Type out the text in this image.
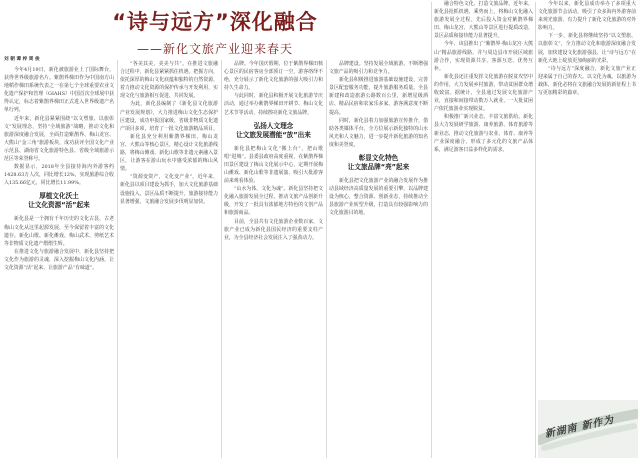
“诗与远方”深化融合
——新化文旅产业迎来春天
刘 朝 谭 梓 周 俊

今年4月19日，新化被旅游业上了国际舞台，获得世界级旅游名片。紫鹊界梯田作为中国南方山地稻作梯田系统代表之一在第七个全球重要农业文化遗产保护和管理（GIAHS）中国首次全球展中获得认定，标志着紫鹊界梯田正式进入世界级遗产名单行列。

近年来，新化县紧紧围绕“以文塑旅、以旅彰文”发展理念，坚持“全域旅游”战略，推动文化和旅游深度融合发展，全面打造紫鹊界、梅山龙宫、大熊山“金三角”旅游板块，成功获评全国文化产业示范县、湖南省文化旅游特色县、省级全域旅游示范区等荣誉称号。

数据显示，2018年全县接待海内外游客约1428.63万人次，同比增长12%，实现旅游综合收入135.66亿元，同比增长11.99%。

厚植文化沃土
让文化资源“活”起来

新化县是一个拥有千年历史的文化古县，古老梅山文化从这里起源发展，至今保留着丰富的文化遗存。新化山歌、新化傩戏、梅山武术、剪纸艺术等非物质文化遗产熠熠生辉。

在推进文化与旅游融合发展中，新化县坚持把文化作为旅游的灵魂，深入挖掘梅山文化内涵，让文化资源“活”起来，让旅游产品“有味道”。

“各美其美，美美与共”。在推进文旅融合过程中，新化县紧紧抓住机遇，把握方向，依托深厚的梅山文化底蕴和独特的自然资源，着力推动文化资源的保护传承与开发利用，实现文化与旅游相互促进、共同发展。

为此，新化县编制了《新化县文化旅游产业发展规划》，大力推进梅山文化生态保护区建设，成功申报国家级、省级非物质文化遗产项目多项，培育了一批文化旅游精品项目。

新化县充分利用紫鹊界梯田、梅山龙宫、大熊山等核心景区，精心设计文化旅游线路，将梅山傩戏、新化山歌等非遗元素融入景区，让游客在游山玩水中感受浓郁的梅山风情。

“资源变资产，文化变产业”。近年来，新化县以项目建设为抓手，加大文化旅游基础设施投入，景区品质不断提升，旅游接待能力显著增强，文旅融合发展步伐明显加快。

品牌。今年国庆假期，位于紫鹊界梯田核心景区的民宿客房全部预订一空，游客络绎不绝，充分展示了新化文化旅游的强大吸引力和持久生命力。

与此同时，新化县积极开展文化旅游节庆活动，通过举办紫鹊界梯田开耕节、梅山文化艺术节等活动，持续擦亮新化文旅品牌。

弘扬人文理念
让文旅发展潜能“放”出来

新化县把梅山文化“搬上台”，把山歌唱“进城”。县委县政府高度重视，在紫鹊界梯田景区建设了梅山文化展示中心，定期开展梅山傩戏、新化山歌等非遗展演，吸引大批游客前来观看体验。

“山水为体，文化为魂”。新化县坚持把文化融入旅游发展全过程，推动文旅产品创新升级，开发了一批具有浓郁地方特色的文创产品和旅游商品。

目前，全县共有文化旅游企业数百家，文旅产业已成为新化县国民经济的重要支柱产业，为全县经济社会发展注入了强劲动力。

品牌建设。坚持发展全域旅游，不断增强文旅产品的吸引力和竞争力。

新化县积极推进旅游基础设施建设，完善景区配套服务功能，提升旅游服务质量。全县新建和改造旅游公路数百公里，新增星级酒店、精品民宿和农家乐多家，游客满意度不断提高。

同时，新化县着力加强旅游宣传推介，借助各类媒体平台，全方位展示新化独特的山水风光和人文魅力，进一步提升新化旅游的知名度和美誉度。

彰显文化特色
让文旅品牌“亮”起来

新化县把文化旅游产业的融合发展作为推动县域经济高质量发展的重要引擎，以品牌建设为核心，整合资源、创新业态，持续推动全县旅游产业转型升级，打造具有较强影响力的文化旅游目的地。

融合特色文化，打造文旅品牌。近年来，新化县抢抓机遇，乘势而上，将梅山文化融入旅游发展全过程。先后投入资金对紫鹊界梯田、梅山龙宫、大熊山等景区进行提质改造，景区品质和接待能力显著提升。

今年，该县推出了“紫鹊界·梅山龙宫·大熊山”精品旅游线路，并与周边县市开展区域旅游合作，实现资源共享、客源互送、优势互补。

新化县还注重发挥文化旅游在脱贫攻坚中的作用，大力发展乡村旅游，带动贫困群众增收致富。据统计，全县通过发展文化旅游产业，直接和间接带动数万人就业，一大批贫困户依托旅游业实现脱贫。

积极推广新兴业态，丰富文旅供给。新化县大力发展研学旅游、康养旅游、体育旅游等新业态，推动文化旅游与农业、体育、康养等产业深度融合，形成了多元化的文旅产品体系，满足游客日益多样化的需求。

今年以来，新化县成功举办了多项重大文化旅游节会活动，吸引了众多海内外游客前来观光旅游，有力提升了新化文化旅游的对外影响力。

下一步，新化县将继续坚持“以文塑旅、以旅彰文”，全力推动文化和旅游深度融合发展，加快建设文化旅游强县，让“诗与远方”在新化大地上绽放更加绚丽的光彩。

“诗与远方”深度融合，新化文旅产业正迎来属于自己的春天。以文化为魂、以旅游为载体，新化必将在文旅融合发展的新征程上书写更加精彩的篇章。

新湖南 新作为
